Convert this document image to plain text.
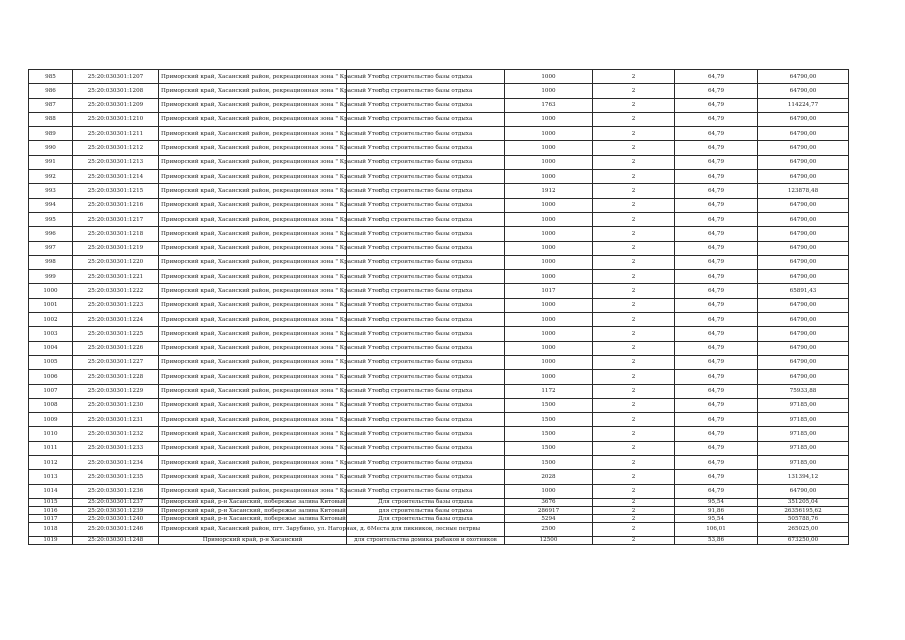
985	25:20:030301:1207	Приморский край, Хасанский район, рекреационная зона " Красный Утес"	под строительство базы отдыха	1000	2	64,79	64790,00
986	25:20:030301:1208	Приморский край, Хасанский район, рекреационная зона " Красный Утес"	под строительство базы отдыха	1000	2	64,79	64790,00
987	25:20:030301:1209	Приморский край, Хасанский район, рекреационная зона " Красный Утес"	под строительство базы отдыха	1763	2	64,79	114224,77
988	25:20:030301:1210	Приморский край, Хасанский район, рекреационная зона " Красный Утес"	под строительство базы отдыха	1000	2	64,79	64790,00
989	25:20:030301:1211	Приморский край, Хасанский район, рекреационная зона " Красный Утес"	под строительство базы отдыха	1000	2	64,79	64790,00
990	25:20:030301:1212	Приморский край, Хасанский район, рекреационная зона " Красный Утес"	под строительство базы отдыха	1000	2	64,79	64790,00
991	25:20:030301:1213	Приморский край, Хасанский район, рекреационная зона " Красный Утес"	под строительство базы отдыха	1000	2	64,79	64790,00
992	25:20:030301:1214	Приморский край, Хасанский район, рекреационная зона " Красный Утес"	под строительство базы отдыха	1000	2	64,79	64790,00
993	25:20:030301:1215	Приморский край, Хасанский район, рекреационная зона " Красный Утес"	под строительство базы отдыха	1912	2	64,79	123878,48
994	25:20:030301:1216	Приморский край, Хасанский район, рекреационная зона " Красный Утес"	под строительство базы отдыха	1000	2	64,79	64790,00
995	25:20:030301:1217	Приморский край, Хасанский район, рекреационная зона " Красный Утес"	под строительство базы отдыха	1000	2	64,79	64790,00
996	25:20:030301:1218	Приморский край, Хасанский район, рекреационная зона " Красный Утес"	под строительство базы отдыха	1000	2	64,79	64790,00
997	25:20:030301:1219	Приморский край, Хасанский район, рекреационная зона " Красный Утес"	под строительство базы отдыха	1000	2	64,79	64790,00
998	25:20:030301:1220	Приморский край, Хасанский район, рекреационная зона " Красный Утес"	под строительство базы отдыха	1000	2	64,79	64790,00
999	25:20:030301:1221	Приморский край, Хасанский район, рекреационная зона " Красный Утес"	под строительство базы отдыха	1000	2	64,79	64790,00
1000	25:20:030301:1222	Приморский край, Хасанский район, рекреационная зона " Красный Утес"	под строительство базы отдыха	1017	2	64,79	65891,43
1001	25:20:030301:1223	Приморский край, Хасанский район, рекреационная зона " Красный Утес"	под строительство базы отдыха	1000	2	64,79	64790,00
1002	25:20:030301:1224	Приморский край, Хасанский район, рекреационная зона " Красный Утес"	под строительство базы отдыха	1000	2	64,79	64790,00
1003	25:20:030301:1225	Приморский край, Хасанский район, рекреационная зона " Красный Утес"	под строительство базы отдыха	1000	2	64,79	64790,00
1004	25:20:030301:1226	Приморский край, Хасанский район, рекреационная зона " Красный Утес"	под строительство базы отдыха	1000	2	64,79	64790,00
1005	25:20:030301:1227	Приморский край, Хасанский район, рекреационная зона " Красный Утес"	под строительство базы отдыха	1000	2	64,79	64790,00
1006	25:20:030301:1228	Приморский край, Хасанский район, рекреационная зона " Красный Утес"	под строительство базы отдыха	1000	2	64,79	64790,00
1007	25:20:030301:1229	Приморский край, Хасанский район, рекреационная зона " Красный Утес"	под строительство базы отдыха	1172	2	64,79	75933,88
1008	25:20:030301:1230	Приморский край, Хасанский район, рекреационная зона " Красный Утес"	под строительство базы отдыха	1500	2	64,79	97185,00
1009	25:20:030301:1231	Приморский край, Хасанский район, рекреационная зона " Красный Утес"	под строительство базы отдыха	1500	2	64,79	97185,00
1010	25:20:030301:1232	Приморский край, Хасанский район, рекреационная зона " Красный Утес"	под строительство базы отдыха	1500	2	64,79	97185,00
1011	25:20:030301:1233	Приморский край, Хасанский район, рекреационная зона " Красный Утес"	под строительство базы отдыха	1500	2	64,79	97185,00
1012	25:20:030301:1234	Приморский край, Хасанский район, рекреационная зона " Красный Утес"	под строительство базы отдыха	1500	2	64,79	97185,00
1013	25:20:030301:1235	Приморский край, Хасанский район, рекреационная зона " Красный Утес"	под строительство базы отдыха	2028	2	64,79	131394,12
1014	25:20:030301:1236	Приморский край, Хасанский район, рекреационная зона " Красный Утес"	под строительство базы отдыха	1000	2	64,79	64790,00
1015	25:20:030301:1237	Приморский край, р-н Хасанский, побережье залива Китовый	Для строительства базы отдыха	3676	2	95,54	351205,04
1016	25:20:030301:1239	Приморский край, р-н Хасанский, побережье залива Китовый	для строительства базы отдыха	286917	2	91,86	26356195,62
1017	25:20:030301:1240	Приморский край, р-н Хасанский, побережье залива Китовый	Для строительства базы отдыха	5294	2	95,54	505788,76
1018	25:20:030301:1246	Приморский край, Хасанский район, пгт. Зарубино, ул. Нагорная, д. 6	Места для пикников, лесные петрвы	2500	2	106,01	265025,00
1019	25:20:030301:1248	Приморский край, р-н Хасанский	для строительства домика рыбаков и охотников	12500	2	53,86	673250,00
